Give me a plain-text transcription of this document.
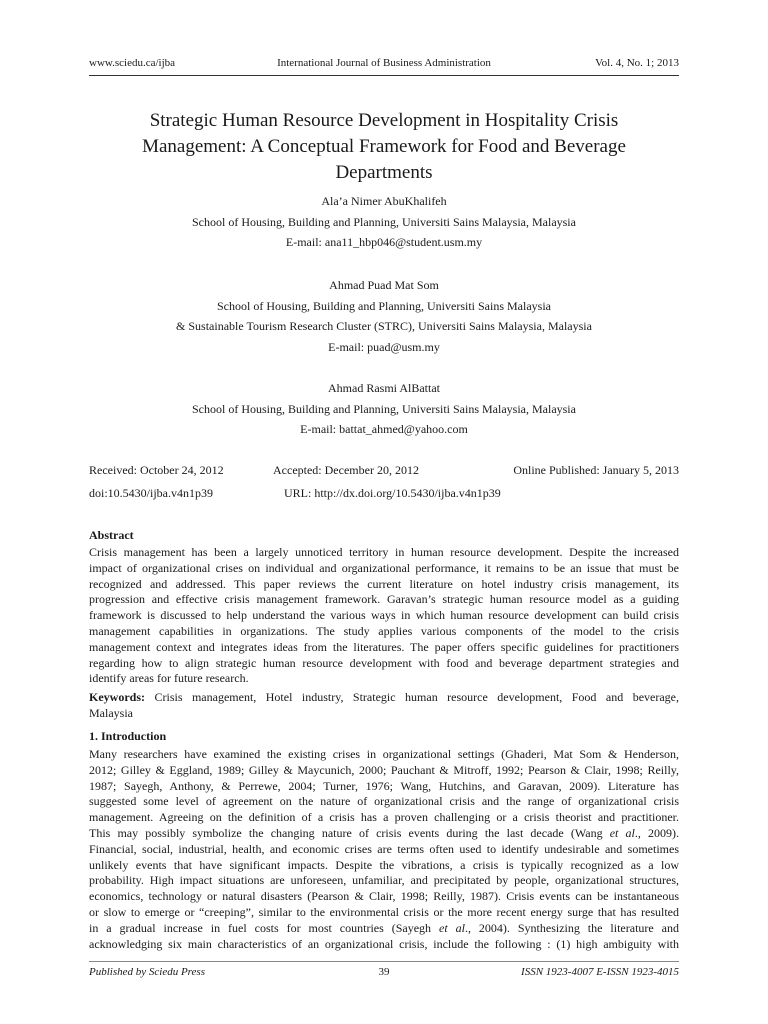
www.sciedu.ca/ijba	International Journal of Business Administration	Vol. 4, No. 1; 2013
Strategic Human Resource Development in Hospitality Crisis
Management: A Conceptual Framework for Food and Beverage
Departments
Ala’a Nimer AbuKhalifeh
School of Housing, Building and Planning, Universiti Sains Malaysia, Malaysia
E-mail: ana11_hbp046@student.usm.my
Ahmad Puad Mat Som
School of Housing, Building and Planning, Universiti Sains Malaysia
& Sustainable Tourism Research Cluster (STRC), Universiti Sains Malaysia, Malaysia
E-mail: puad@usm.my
Ahmad Rasmi AlBattat
School of Housing, Building and Planning, Universiti Sains Malaysia, Malaysia
E-mail: battat_ahmed@yahoo.com
Received: October 24, 2012	Accepted: December 20, 2012	Online Published: January 5, 2013
doi:10.5430/ijba.v4n1p39	URL: http://dx.doi.org/10.5430/ijba.v4n1p39
Abstract
Crisis management has been a largely unnoticed territory in human resource development. Despite the increased
impact of organizational crises on individual and organizational performance, it remains to be an issue that must be
recognized and addressed. This paper reviews the current literature on hotel industry crisis management, its
progression and effective crisis management framework. Garavan’s strategic human resource model as a guiding
framework is discussed to help understand the various ways in which human resource development can build crisis
management capabilities in organizations. The study applies various components of the model to the crisis
management context and integrates ideas from the literatures. The paper offers specific guidelines for practitioners
regarding how to align strategic human resource development with food and beverage department strategies and
identify areas for future research.
Keywords: Crisis management, Hotel industry, Strategic human resource development, Food and beverage,
Malaysia
1. Introduction
Many researchers have examined the existing crises in organizational settings (Ghaderi, Mat Som & Henderson,
2012; Gilley & Eggland, 1989; Gilley & Maycunich, 2000; Pauchant & Mitroff, 1992; Pearson & Clair, 1998; Reilly,
1987; Sayegh, Anthony, & Perrewe, 2004; Turner, 1976; Wang, Hutchins, and Garavan, 2009). Literature has
suggested some level of agreement on the nature of organizational crisis and the range of organizational crisis
management. Agreeing on the definition of a crisis has a proven challenging or a crisis theorist and practitioner.
This may possibly symbolize the changing nature of crisis events during the last decade (Wang et al., 2009).
Financial, social, industrial, health, and economic crises are terms often used to identify undesirable and sometimes
unlikely events that have significant impacts. Despite the vibrations, a crisis is typically recognized as a low
probability. High impact situations are unforeseen, unfamiliar, and precipitated by people, organizational structures,
economics, technology or natural disasters (Pearson & Clair, 1998; Reilly, 1987). Crisis events can be instantaneous
or slow to emerge or “creeping”, similar to the environmental crisis or the more recent energy surge that has resulted
in a gradual increase in fuel costs for most countries (Sayegh et al., 2004). Synthesizing the literature and
acknowledging six main characteristics of an organizational crisis, include the following : (1) high ambiguity with
Published by Sciedu Press	39	ISSN 1923-4007 E-ISSN 1923-4015
